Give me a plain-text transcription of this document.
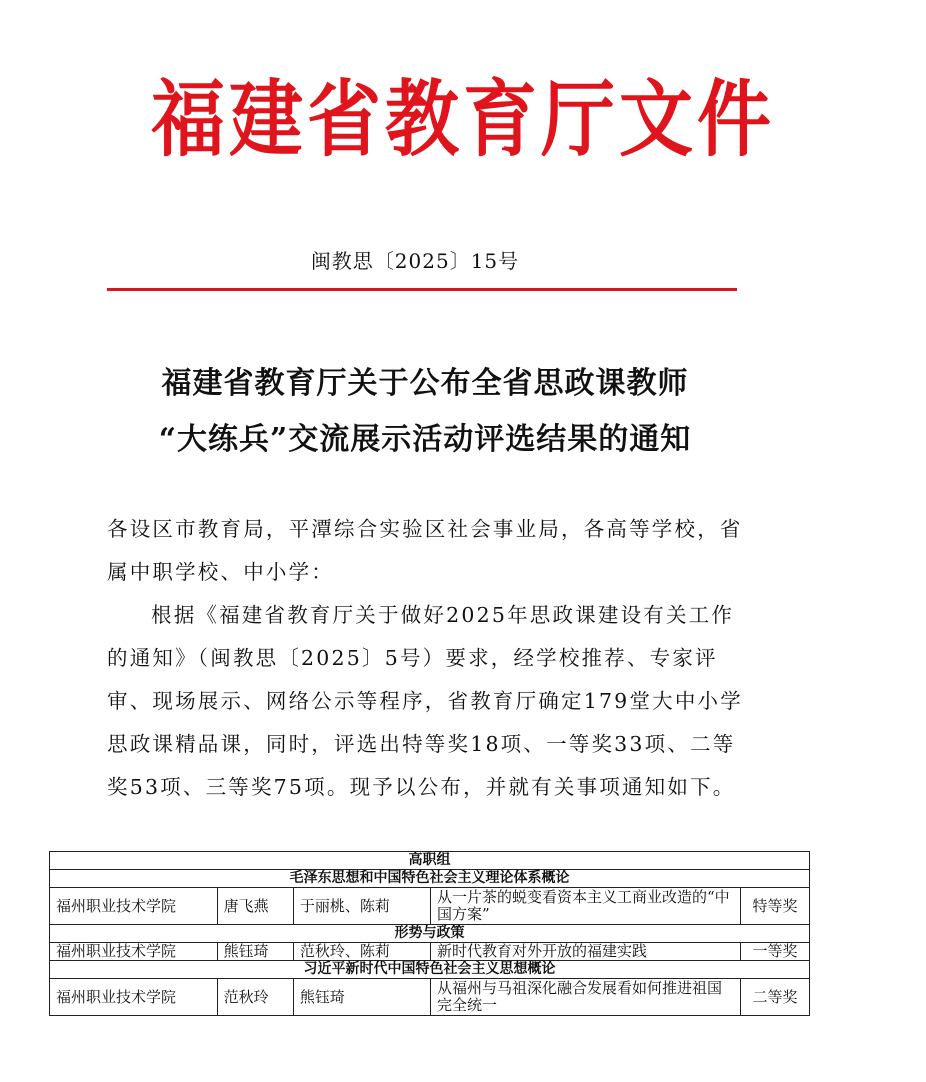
福建省教育厅文件
闽教思〔2025〕15号
福建省教育厅关于公布全省思政课教师
“大练兵”交流展示活动评选结果的通知

各设区市教育局，平潭综合实验区社会事业局，各高等学校，省属中职学校、中小学：

根据《福建省教育厅关于做好2025年思政课建设有关工作的通知》（闽教思〔2025〕5号）要求，经学校推荐、专家评审、现场展示、网络公示等程序，省教育厅确定179堂大中小学思政课精品课，同时，评选出特等奖18项、一等奖33项、二等奖53项、三等奖75项。现予以公布，并就有关事项通知如下。

高职组				
毛泽东思想和中国特色社会主义理论体系概论				
福州职业技术学院	唐飞燕	于丽桃、陈莉	从一片茶的蜕变看资本主义工商业改造的“中国方案”	特等奖
形势与政策				
福州职业技术学院	熊钰琦	范秋玲、陈莉	新时代教育对外开放的福建实践	一等奖
习近平新时代中国特色社会主义思想概论				
福州职业技术学院	范秋玲	熊钰琦	从福州与马祖深化融合发展看如何推进祖国完全统一	二等奖
